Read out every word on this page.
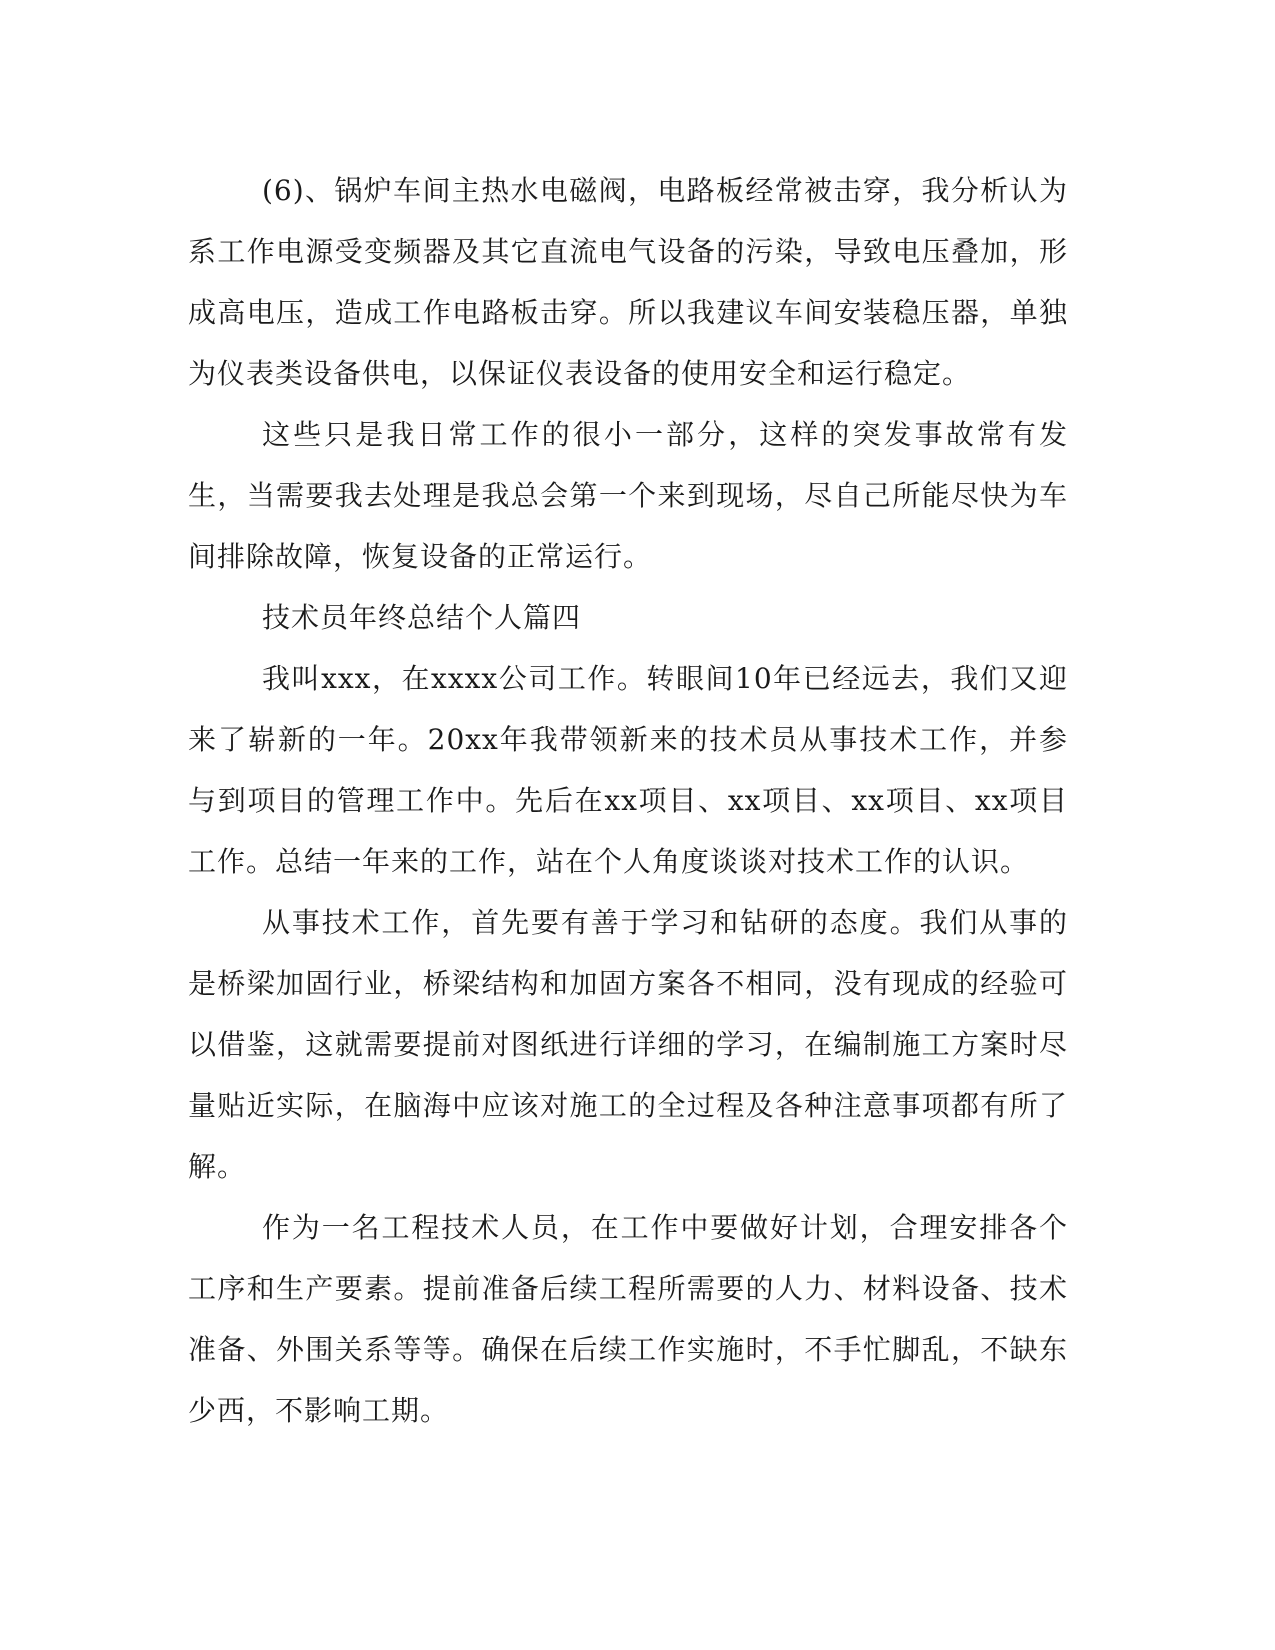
(6)、锅炉车间主热水电磁阀，电路板经常被击穿，我分析认为系工作电源受变频器及其它直流电气设备的污染，导致电压叠加，形成高电压，造成工作电路板击穿。所以我建议车间安装稳压器，单独为仪表类设备供电，以保证仪表设备的使用安全和运行稳定。

这些只是我日常工作的很小一部分，这样的突发事故常有发生，当需要我去处理是我总会第一个来到现场，尽自己所能尽快为车间排除故障，恢复设备的正常运行。

技术员年终总结个人篇四

我叫xxx，在xxxx公司工作。转眼间10年已经远去，我们又迎来了崭新的一年。20xx年我带领新来的技术员从事技术工作，并参与到项目的管理工作中。先后在xx项目、xx项目、xx项目、xx项目工作。总结一年来的工作，站在个人角度谈谈对技术工作的认识。

从事技术工作，首先要有善于学习和钻研的态度。我们从事的是桥梁加固行业，桥梁结构和加固方案各不相同，没有现成的经验可以借鉴，这就需要提前对图纸进行详细的学习，在编制施工方案时尽量贴近实际，在脑海中应该对施工的全过程及各种注意事项都有所了解。

作为一名工程技术人员，在工作中要做好计划，合理安排各个工序和生产要素。提前准备后续工程所需要的人力、材料设备、技术准备、外围关系等等。确保在后续工作实施时，不手忙脚乱，不缺东少西，不影响工期。
